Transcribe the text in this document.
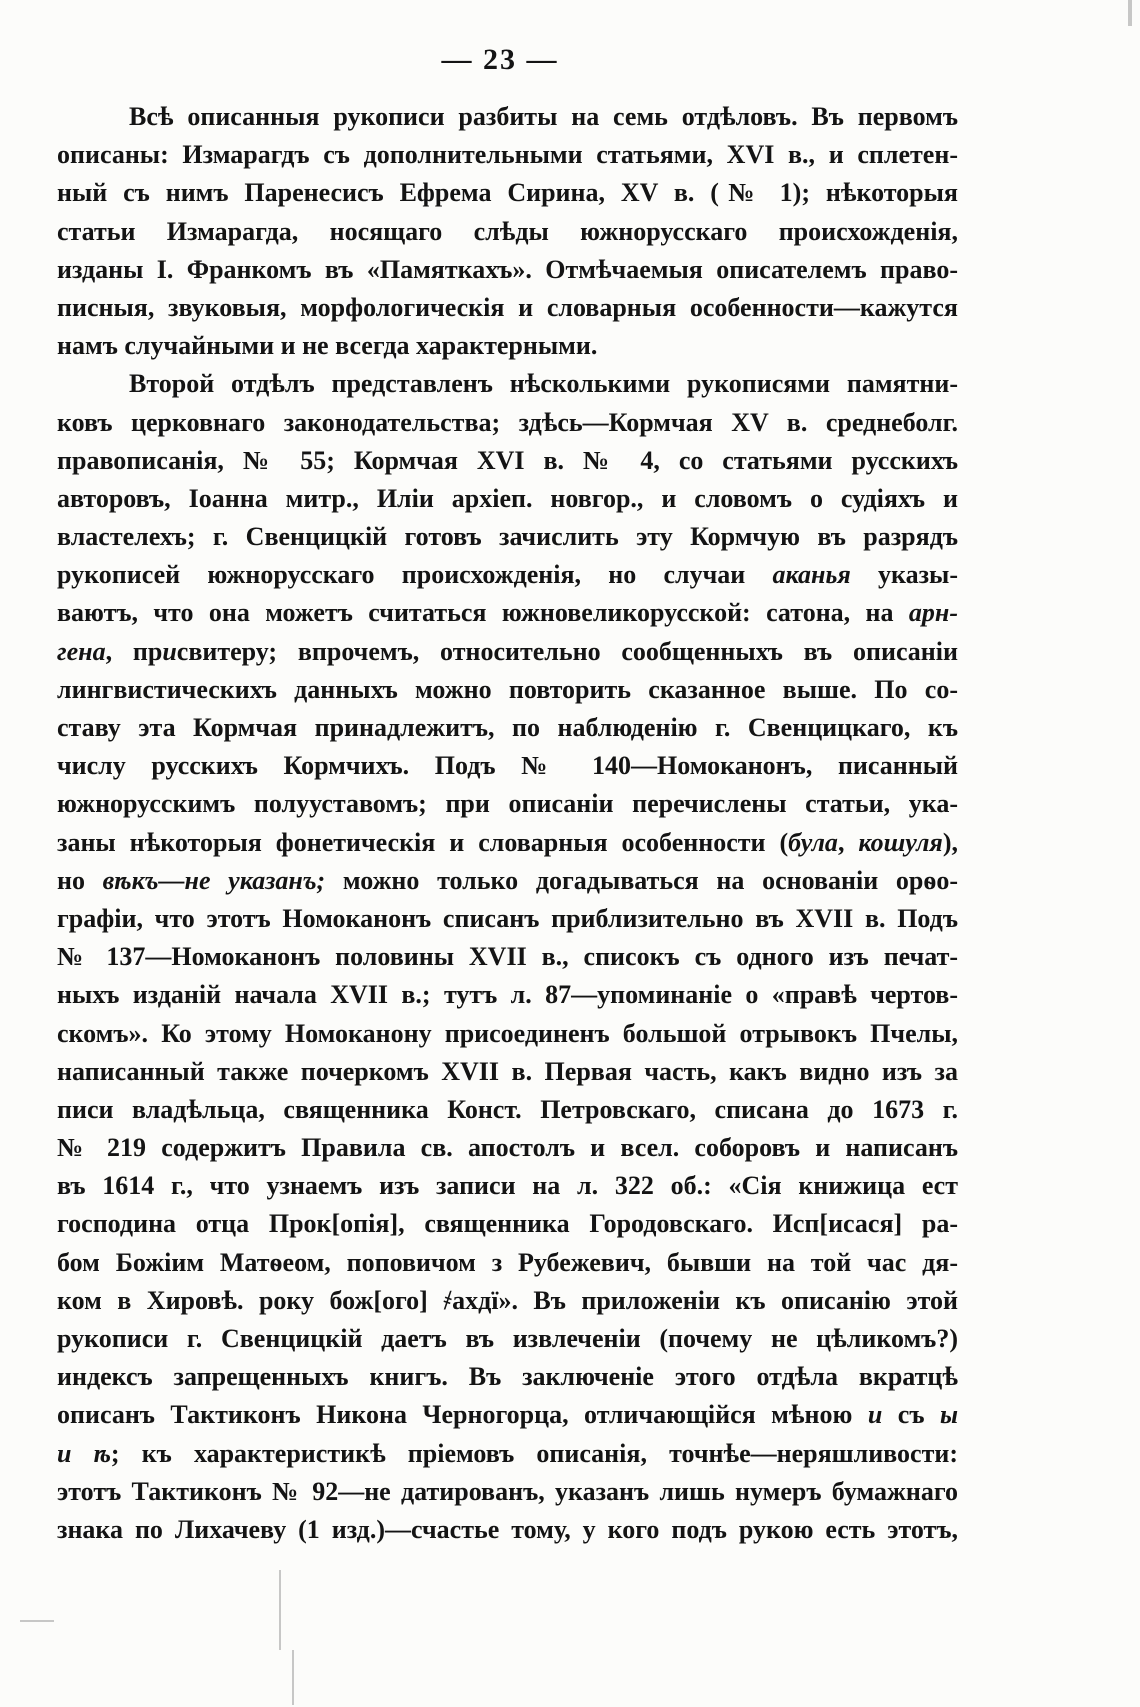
— 23 —
Всѣ описанныя рукописи разбиты на семь отдѣловъ. Въ первомъ
описаны: Измарагдъ съ дополнительными статьями, XVI в., и сплетен-
ный съ нимъ Паренесисъ Ефрема Сирина, XV в. (№ 1); нѣкоторыя
статьи Измарагда, носящаго слѣды южнорусскаго происхожденія,
изданы І. Франкомъ въ «Памяткахъ». Отмѣчаемыя описателемъ право-
писныя, звуковыя, морфологическія и словарныя особенности—кажутся
намъ случайными и не всегда характерными.
Второй отдѣлъ представленъ нѣсколькими рукописями памятни-
ковъ церковнаго законодательства; здѣсь—Кормчая XV в. среднеболг.
правописанія, № 55; Кормчая XVI в. № 4, со статьями русскихъ
авторовъ, Іоанна митр., Иліи архіеп. новгор., и словомъ о судіяхъ и
властелехъ; г. Свенцицкій готовъ зачислить эту Кормчую въ разрядъ
рукописей южнорусскаго происхожденія, но случаи аканья указы-
ваютъ, что она можетъ считаться южновеликорусской: сатона, на арн-
гена, присвитеру; впрочемъ, относительно сообщенныхъ въ описаніи
лингвистическихъ данныхъ можно повторить сказанное выше. По со-
ставу эта Кормчая принадлежитъ, по наблюденію г. Свенцицкаго, къ
числу русскихъ Кормчихъ. Подъ № 140—Номоканонъ, писанный
южнорусскимъ полууставомъ; при описаніи перечислены статьи, ука-
заны нѣкоторыя фонетическія и словарныя особенности (була, кошуля),
но вѣкъ—не указанъ; можно только догадываться на основаніи орѳо-
графіи, что этотъ Номоканонъ списанъ приблизительно въ XVII в. Подъ
№ 137—Номоканонъ половины XVII в., списокъ съ одного изъ печат-
ныхъ изданій начала XVII в.; тутъ л. 87—упоминаніе о «правѣ чертов-
скомъ». Ко этому Номоканону присоединенъ большой отрывокъ Пчелы,
написанный также почеркомъ XVII в. Первая часть, какъ видно изъ за
писи владѣльца, священника Конст. Петровскаго, списана до 1673 г.
№ 219 содержитъ Правила св. апостолъ и всел. соборовъ и написанъ
въ 1614 г., что узнаемъ изъ записи на л. 322 об.: «Сія книжица ест
господина отца Прок[опія], священника Городовскаго. Исп[исася] ра-
бом Божіим Матѳеом, поповичом з Рубежевич, бывши на той час дя-
ком в Хировѣ. року бож[ого] ҂ахдї». Въ приложеніи къ описанію этой
рукописи г. Свенцицкій даетъ въ извлеченіи (почему не цѣликомъ?)
индексъ запрещенныхъ книгъ. Въ заключеніе этого отдѣла вкратцѣ
описанъ Тактиконъ Никона Черногорца, отличающійся мѣною и съ ы
и ѣ; къ характеристикѣ пріемовъ описанія, точнѣе—неряшливости:
этотъ Тактиконъ № 92—не датированъ, указанъ лишь нумеръ бумажнаго
знака по Лихачеву (1 изд.)—счастье тому, у кого подъ рукою есть этотъ,
